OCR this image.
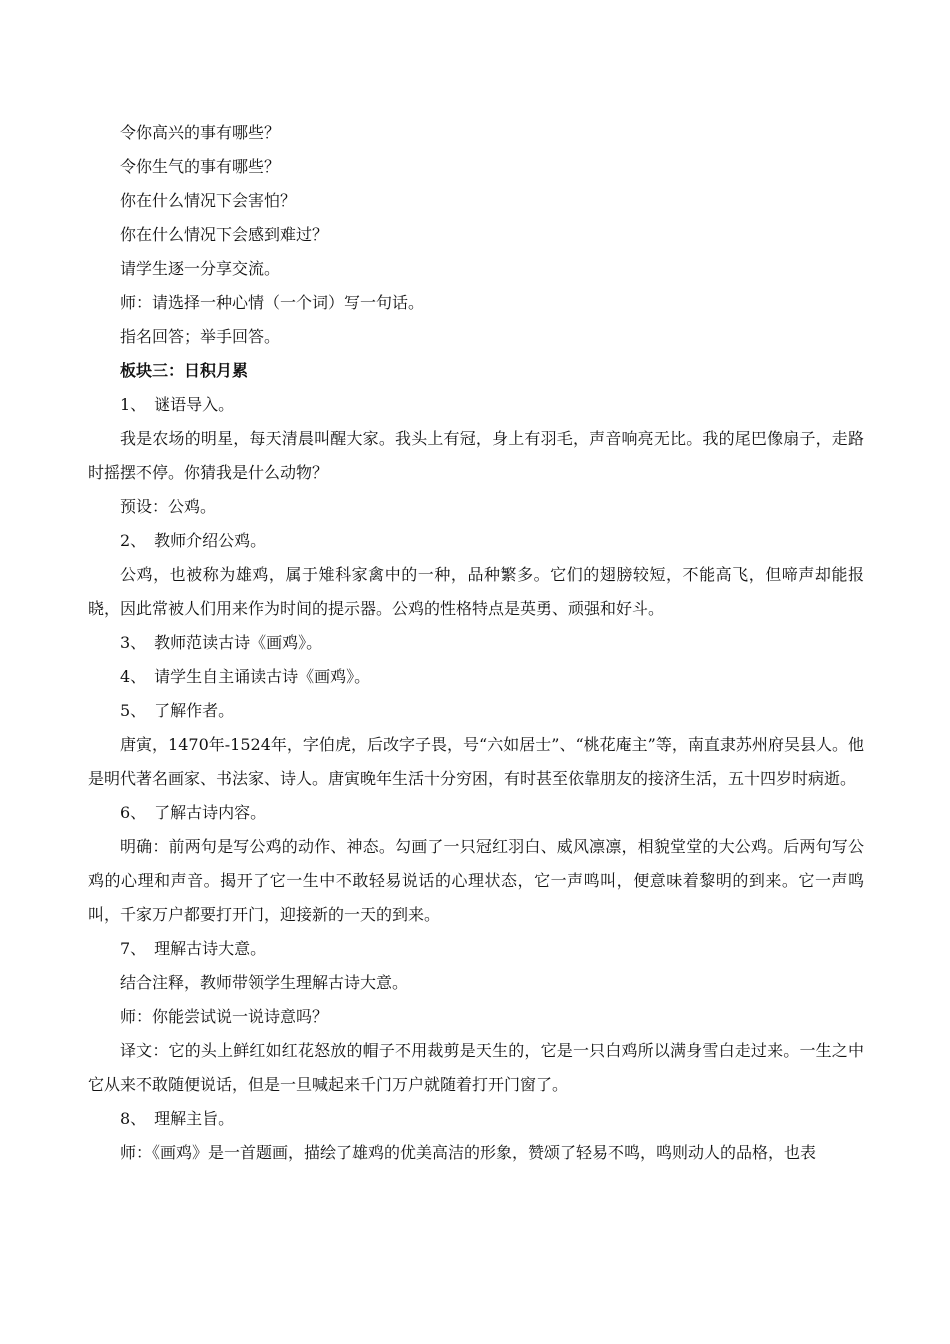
令你高兴的事有哪些？

令你生气的事有哪些？

你在什么情况下会害怕？

你在什么情况下会感到难过？

请学生逐一分享交流。

师：请选择一种心情（一个词）写一句话。

指名回答；举手回答。

板块三：日积月累

1、　谜语导入。

我是农场的明星，每天清晨叫醒大家。我头上有冠，身上有羽毛，声音响亮无比。我的尾巴像扇子，走路时摇摆不停。你猜我是什么动物？

预设：公鸡。

2、　教师介绍公鸡。

公鸡，也被称为雄鸡，属于雉科家禽中的一种，品种繁多。它们的翅膀较短，不能高飞，但啼声却能报晓，因此常被人们用来作为时间的提示器。公鸡的性格特点是英勇、顽强和好斗。

3、　教师范读古诗《画鸡》。

4、　请学生自主诵读古诗《画鸡》。

5、　了解作者。

唐寅，1470年-1524年，字伯虎，后改字子畏，号“六如居士”、“桃花庵主”等，南直隶苏州府吴县人。他是明代著名画家、书法家、诗人。唐寅晚年生活十分穷困，有时甚至依靠朋友的接济生活，五十四岁时病逝。

6、　了解古诗内容。

明确：前两句是写公鸡的动作、神态。勾画了一只冠红羽白、威风凛凛，相貌堂堂的大公鸡。后两句写公鸡的心理和声音。揭开了它一生中不敢轻易说话的心理状态，它一声鸣叫，便意味着黎明的到来。它一声鸣叫，千家万户都要打开门，迎接新的一天的到来。

7、　理解古诗大意。

结合注释，教师带领学生理解古诗大意。

师：你能尝试说一说诗意吗？

译文：它的头上鲜红如红花怒放的帽子不用裁剪是天生的，它是一只白鸡所以满身雪白走过来。一生之中它从来不敢随便说话，但是一旦喊起来千门万户就随着打开门窗了。

8、　理解主旨。

师：《画鸡》是一首题画，描绘了雄鸡的优美高洁的形象，赞颂了轻易不鸣，鸣则动人的品格，也表
